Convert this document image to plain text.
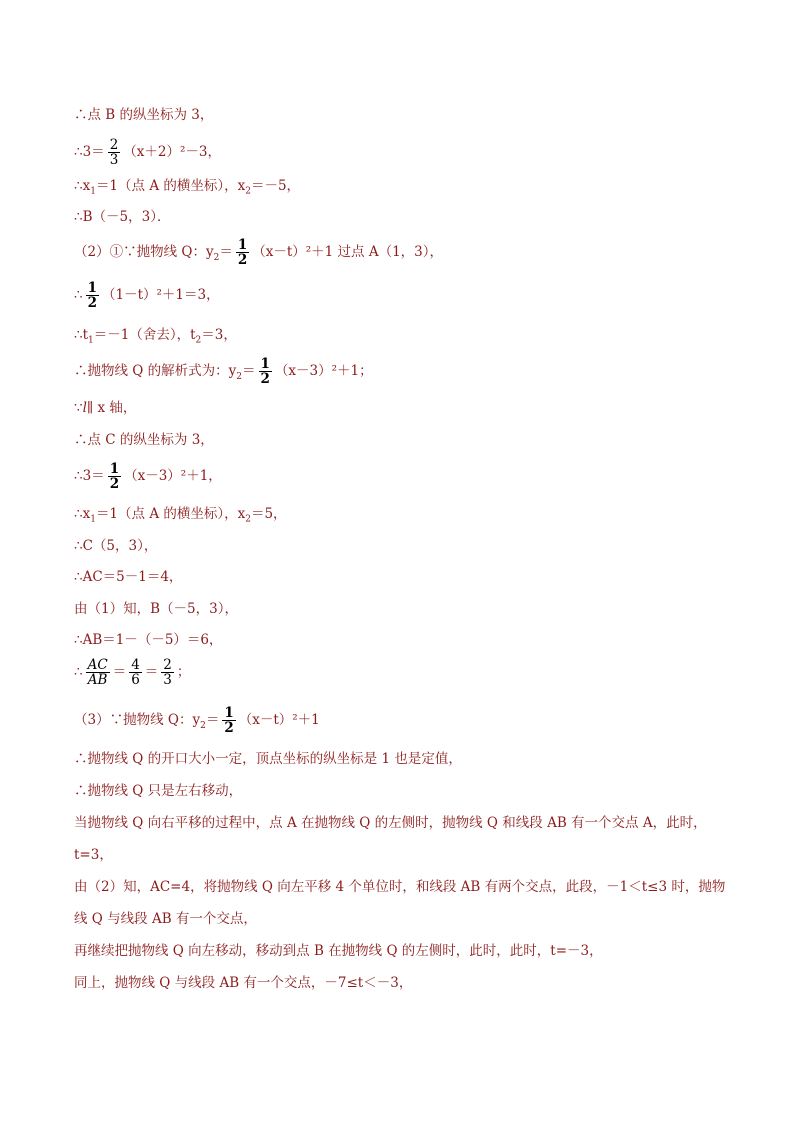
∴点 B 的纵坐标为 3，
∴3＝ $\frac{2}{3} (x+2)^2-3$，
$\therefore x_1=1$（点 A 的横坐标），$x_2=-5$，
∴B（－5，3）．
（2）①∵抛物线 Q：$y_2= \frac{1}{2} (x-t)^2+1$ 过点 A（1，3），
∴ $\frac{1}{2} (1-t)^2+1=3$，
$\therefore t_1=-1$（舍去），$t_2=3$，
∴抛物线 Q 的解析式为：$y_2= \frac{1}{2} (x-3)^2+1$；
∵l∥ x 轴，
∴点 C 的纵坐标为 3，
∴3＝ $\frac{1}{2} (x-3)^2+1$，
$\therefore x_1=1$（点 A 的横坐标），$x_2=5$，
∴C（5，3），
∴AC＝5－1＝4，
由（1）知，B（－5，3），
∴AB＝1－（－5）＝6，
∴ $\frac{AC}{AB} = \frac{4}{6} = \frac{2}{3}$ ；
（3）∵抛物线 Q：$y_2= \frac{1}{2} (x-t)^2+1$
∴抛物线 Q 的开口大小一定，顶点坐标的纵坐标是 1 也是定值，
∴抛物线 Q 只是左右移动，
当抛物线 Q 向右平移的过程中，点 A 在抛物线 Q 的左侧时，抛物线 Q 和线段 AB 有一个交点 A，此时，
t=3，
由（2）知，AC=4，将抛物线 Q 向左平移 4 个单位时，和线段 AB 有两个交点，此段，－1＜t≤3 时，抛物
线 Q 与线段 AB 有一个交点，
再继续把抛物线 Q 向左移动，移动到点 B 在抛物线 Q 的左侧时，此时，此时，t=－3，
同上，抛物线 Q 与线段 AB 有一个交点，－7≤t＜－3，
